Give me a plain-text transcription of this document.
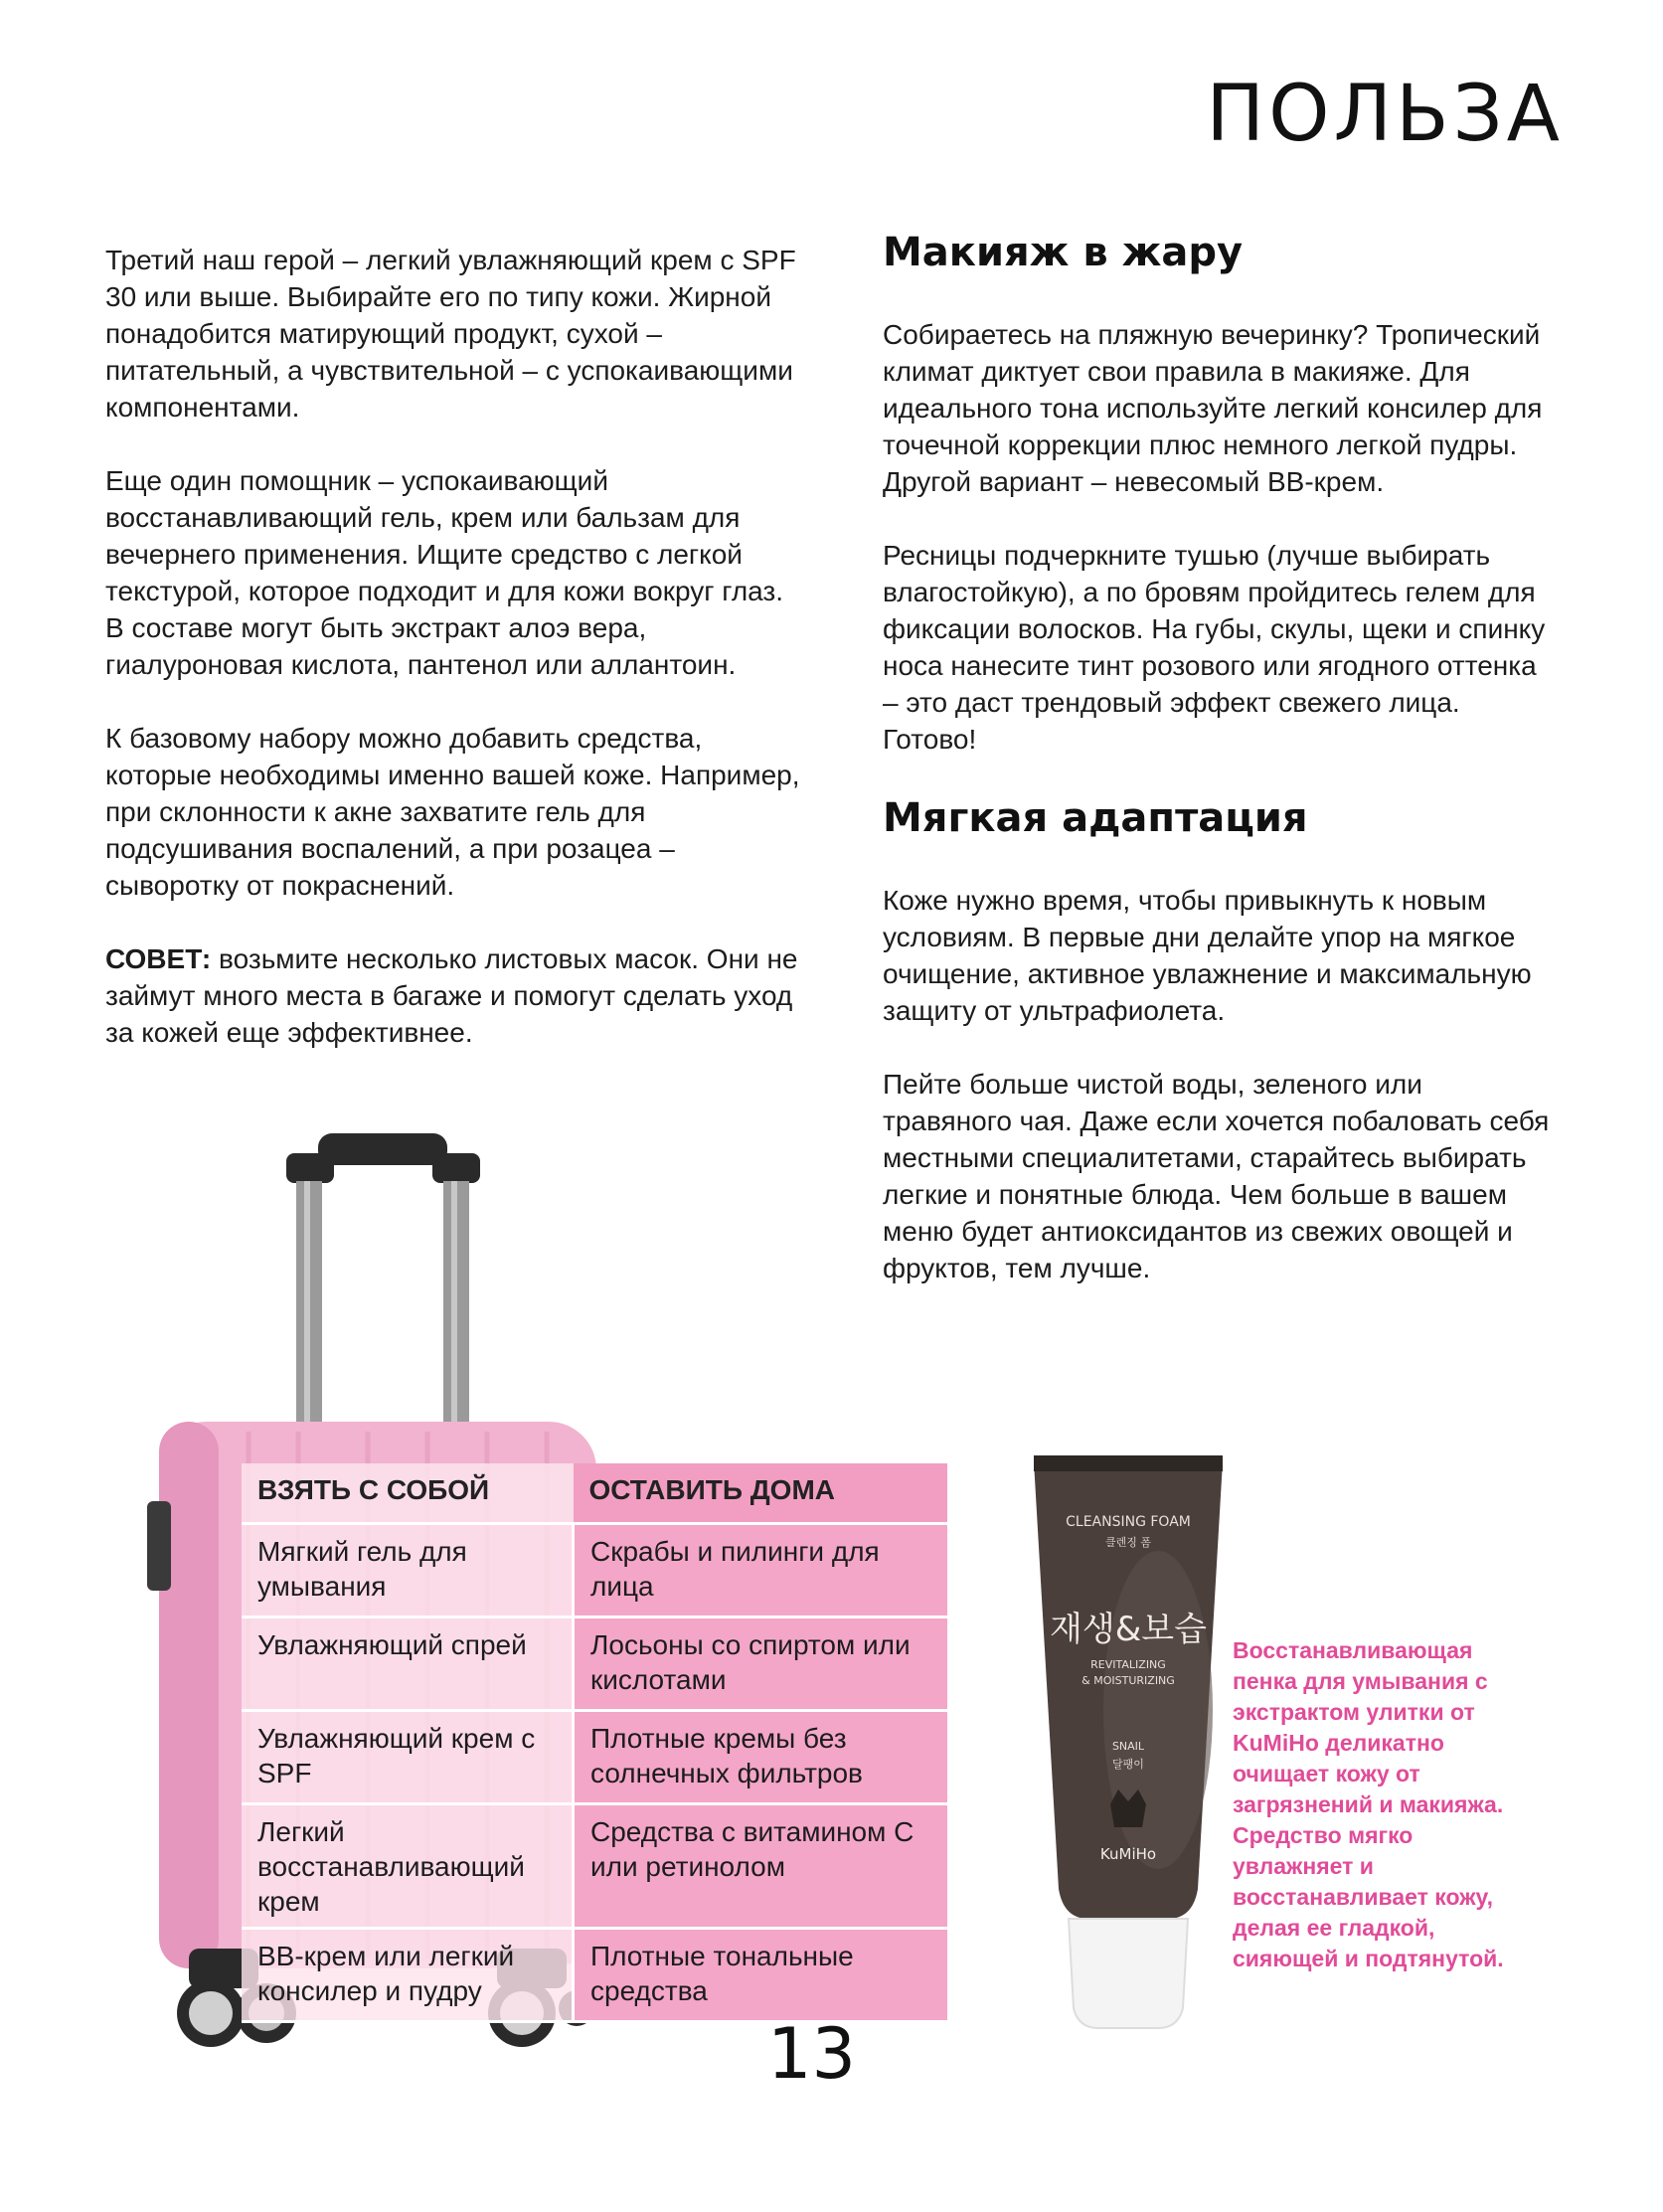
ПОЛЬЗА

Третий наш герой – легкий увлажняющий крем с SPF 30 или выше. Выбирайте его по типу кожи. Жирной понадобится матирующий продукт, сухой – питательный, а чувствительной – с успокаивающими компонентами.

Еще один помощник – успокаивающий восстанавливающий гель, крем или бальзам для вечернего применения. Ищите средство с легкой текстурой, которое подходит и для кожи вокруг глаз. В составе могут быть экстракт алоэ вера, гиалуроновая кислота, пантенол или аллантоин.

К базовому набору можно добавить средства, которые необходимы именно вашей коже. Например, при склонности к акне захватите гель для подсушивания воспалений, а при розацеа – сыворотку от покраснений.

СОВЕТ: возьмите несколько листовых масок. Они не займут много места в багаже и помогут сделать уход за кожей еще эффективнее.

Макияж в жару

Собираетесь на пляжную вечеринку? Тропический климат диктует свои правила в макияже. Для идеального тона используйте легкий консилер для точечной коррекции плюс немного легкой пудры. Другой вариант – невесомый BB-крем.

Ресницы подчеркните тушью (лучше выбирать влагостойкую), а по бровям пройдитесь гелем для фиксации волосков. На губы, скулы, щеки и спинку носа нанесите тинт розового или ягодного оттенка – это даст трендовый эффект свежего лица. Готово!

Мягкая адаптация

Коже нужно время, чтобы привыкнуть к новым условиям. В первые дни делайте упор на мягкое очищение, активное увлажнение и максимальную защиту от ультрафиолета.

Пейте больше чистой воды, зеленого или травяного чая. Даже если хочется побаловать себя местными специалитетами, старайтесь выбирать легкие и понятные блюда. Чем больше в вашем меню будет антиоксидантов из свежих овощей и фруктов, тем лучше.

ВЗЯТЬ С СОБОЙ	ОСТАВИТЬ ДОМА
Мягкий гель для умывания	Скрабы и пилинги для лица
Увлажняющий спрей	Лосьоны со спиртом или кислотами
Увлажняющий крем с SPF	Плотные кремы без солнечных фильтров
Легкий восстанавливающий крем	Средства с витамином С или ретинолом
BB-крем или легкий консилер и пудру	Плотные тональные средства
CLEANSING FOAM
클렌징 폼
재생&보습
REVITALIZING
& MOISTURIZING
SNAIL
달팽이
KuMiHo
Восстанавливающая пенка для умывания с экстрактом улитки от KuMiHo деликатно очищает кожу от загрязнений и макияжа. Средство мягко увлажняет и восстанавливает кожу, делая ее гладкой, сияющей и подтянутой.
13
